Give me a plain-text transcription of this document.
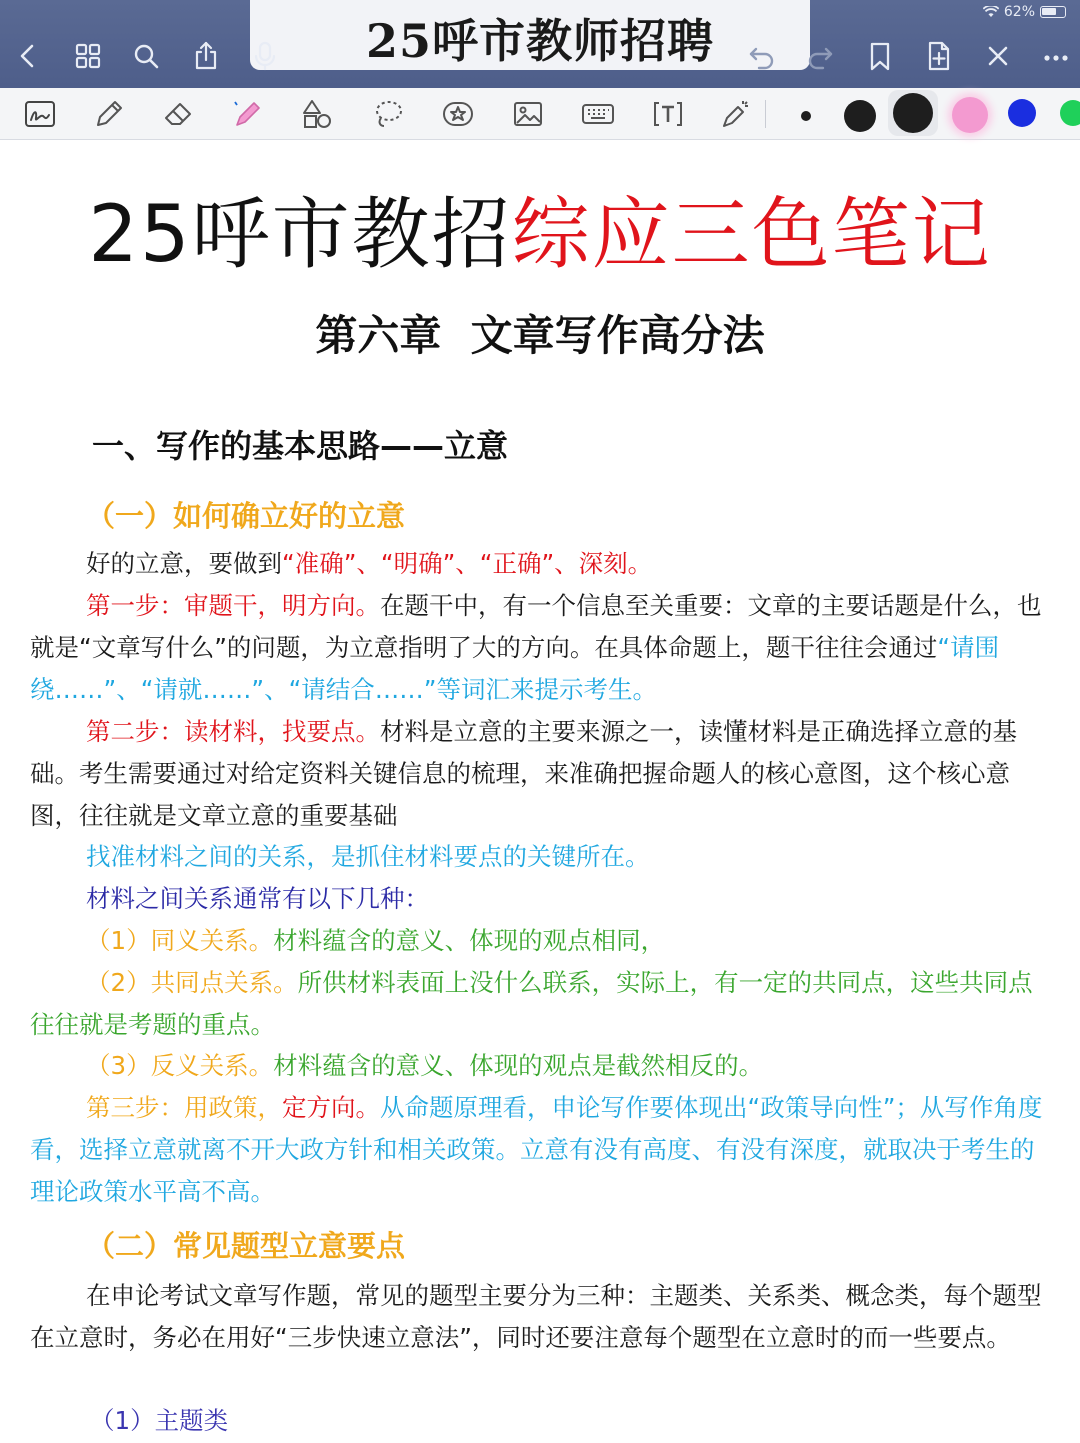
25呼市教师招聘
62%
25呼市教招综应三色笔记
第六章  文章写作高分法
一、写作的基本思路——立意
（一）如何确立好的立意
好的立意，要做到“准确”、“明确”、“正确”、深刻。
第一步：审题干，明方向。在题干中，有一个信息至关重要：文章的主要话题是什么，也就是“文章写什么”的问题，为立意指明了大的方向。在具体命题上，题干往往会通过“请围绕……”、“请就……”、“请结合……”等词汇来提示考生。
第二步：读材料，找要点。材料是立意的主要来源之一，读懂材料是正确选择立意的基础。考生需要通过对给定资料关键信息的梳理，来准确把握命题人的核心意图，这个核心意图，往往就是文章立意的重要基础
找准材料之间的关系，是抓住材料要点的关键所在。
材料之间关系通常有以下几种：
（1）同义关系。材料蕴含的意义、体现的观点相同，
（2）共同点关系。所供材料表面上没什么联系，实际上，有一定的共同点，这些共同点往往就是考题的重点。
（3）反义关系。材料蕴含的意义、体现的观点是截然相反的。
第三步：用政策，定方向。从命题原理看，申论写作要体现出“政策导向性”；从写作角度看，选择立意就离不开大政方针和相关政策。立意有没有高度、有没有深度，就取决于考生的理论政策水平高不高。
（二）常见题型立意要点
在申论考试文章写作题，常见的题型主要分为三种：主题类、关系类、概念类，每个题型在立意时，务必在用好“三步快速立意法”，同时还要注意每个题型在立意时的而一些要点。
（1）主题类
